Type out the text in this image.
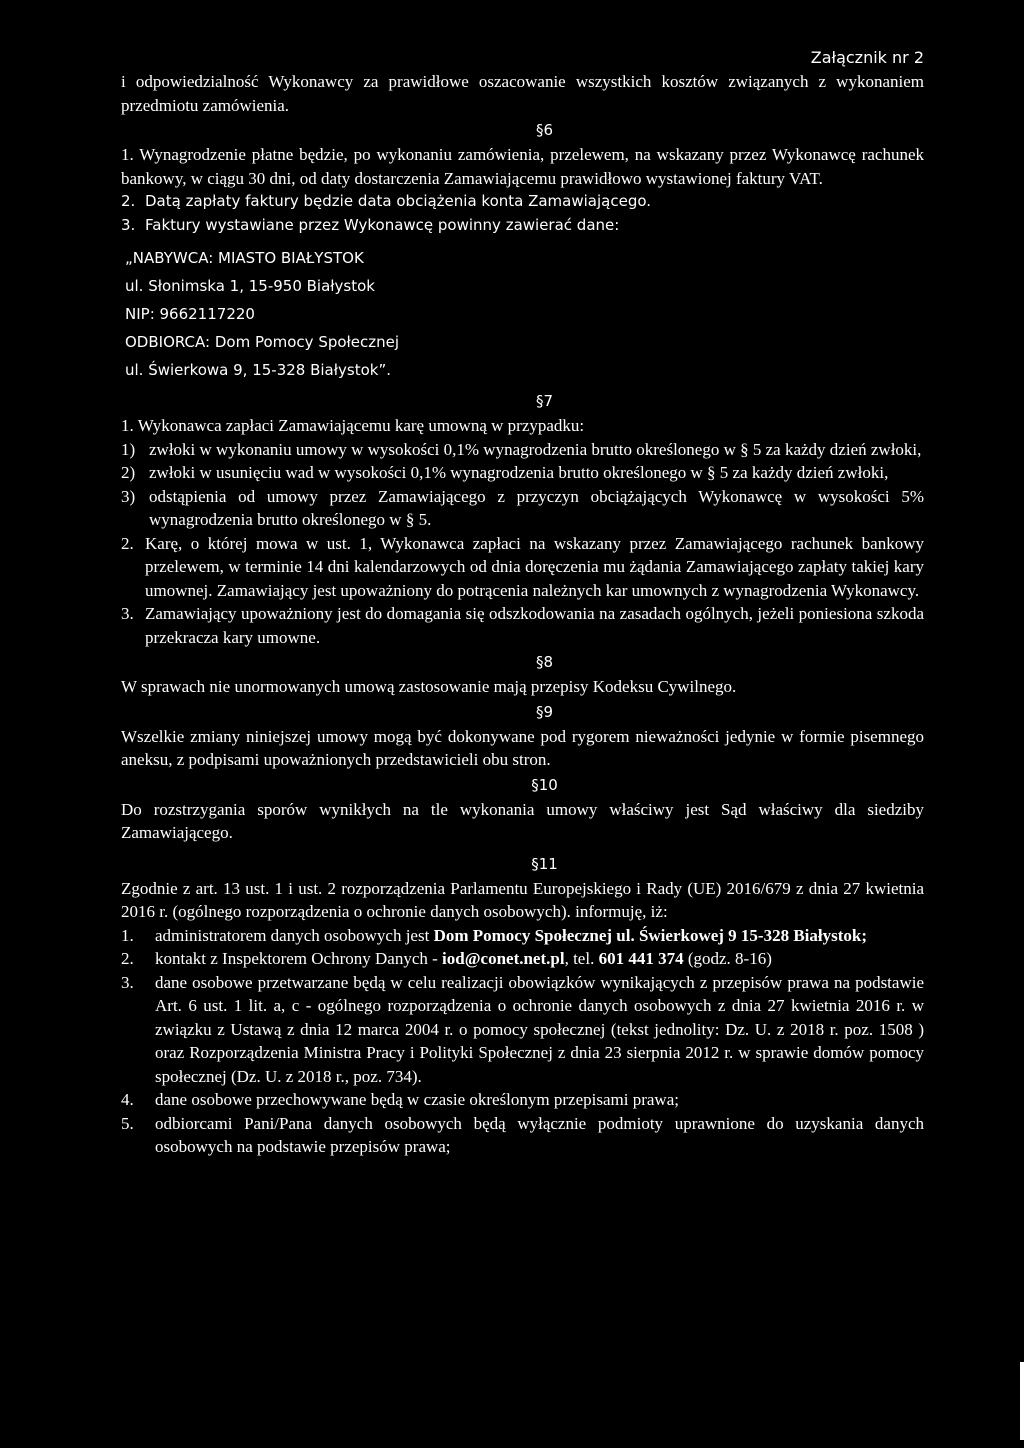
Załącznik nr 2

i odpowiedzialność Wykonawcy za prawidłowe oszacowanie wszystkich kosztów związanych z wykonaniem przedmiotu zamówienia.

§6

1. Wynagrodzenie płatne będzie, po wykonaniu zamówienia, przelewem, na wskazany przez Wykonawcę rachunek bankowy, w ciągu 30 dni, od daty dostarczenia Zamawiającemu prawidłowo wystawionej faktury VAT.

2. Datą zapłaty faktury będzie data obciążenia konta Zamawiającego.
3. Faktury wystawiane przez Wykonawcę powinny zawierać dane:

„NABYWCA: MIASTO BIAŁYSTOK

ul. Słonimska 1, 15-950 Białystok

NIP: 9662117220

ODBIORCA: Dom Pomocy Społecznej

ul. Świerkowa 9, 15-328 Białystok”.

§7

1. Wykonawca zapłaci Zamawiającemu karę umowną w przypadku:

1) zwłoki w wykonaniu umowy w wysokości 0,1% wynagrodzenia brutto określonego w § 5 za każdy dzień zwłoki,
2) zwłoki w usunięciu wad w wysokości 0,1% wynagrodzenia brutto określonego w § 5 za każdy dzień zwłoki,
3) odstąpienia od umowy przez Zamawiającego z przyczyn obciążających Wykonawcę w wysokości 5% wynagrodzenia brutto określonego w § 5.
2. Karę, o której mowa w ust. 1, Wykonawca zapłaci na wskazany przez Zamawiającego rachunek bankowy przelewem, w terminie 14 dni kalendarzowych od dnia doręczenia mu żądania Zamawiającego zapłaty takiej kary umownej. Zamawiający jest upoważniony do potrącenia należnych kar umownych z wynagrodzenia Wykonawcy.
3. Zamawiający upoważniony jest do domagania się odszkodowania na zasadach ogólnych, jeżeli poniesiona szkoda przekracza kary umowne.
§8

W sprawach nie unormowanych umową zastosowanie mają przepisy Kodeksu Cywilnego.

§9

Wszelkie zmiany niniejszej umowy mogą być dokonywane pod rygorem nieważności jedynie w formie pisemnego aneksu, z podpisami upoważnionych przedstawicieli obu stron.

§10

Do rozstrzygania sporów wynikłych na tle wykonania umowy właściwy jest Sąd właściwy dla siedziby Zamawiającego.

§11

Zgodnie z art. 13 ust. 1 i ust. 2 rozporządzenia Parlamentu Europejskiego i Rady (UE) 2016/679 z dnia 27 kwietnia 2016 r. (ogólnego rozporządzenia o ochronie danych osobowych). informuję, iż:

1.	administratorem danych osobowych jest Dom Pomocy Społecznej ul. Świerkowej 9 15-328 Białystok;
2.	kontakt z Inspektorem Ochrony Danych - iod@conet.net.pl, tel. 601 441 374 (godz. 8-16)
3.	dane osobowe przetwarzane będą w celu realizacji obowiązków wynikających z przepisów prawa na podstawie Art. 6 ust. 1 lit. a, c - ogólnego rozporządzenia o ochronie danych osobowych z dnia 27 kwietnia 2016 r. w związku z Ustawą z dnia 12 marca 2004 r. o pomocy społecznej (tekst jednolity: Dz. U. z 2018 r. poz. 1508 ) oraz Rozporządzenia Ministra Pracy i Polityki Społecznej z dnia 23 sierpnia 2012 r. w sprawie domów pomocy społecznej (Dz. U. z 2018 r., poz. 734).
4.	dane osobowe przechowywane będą w czasie określonym przepisami prawa;
5.	odbiorcami Pani/Pana danych osobowych będą wyłącznie podmioty uprawnione do uzyskania danych osobowych na podstawie przepisów prawa;
